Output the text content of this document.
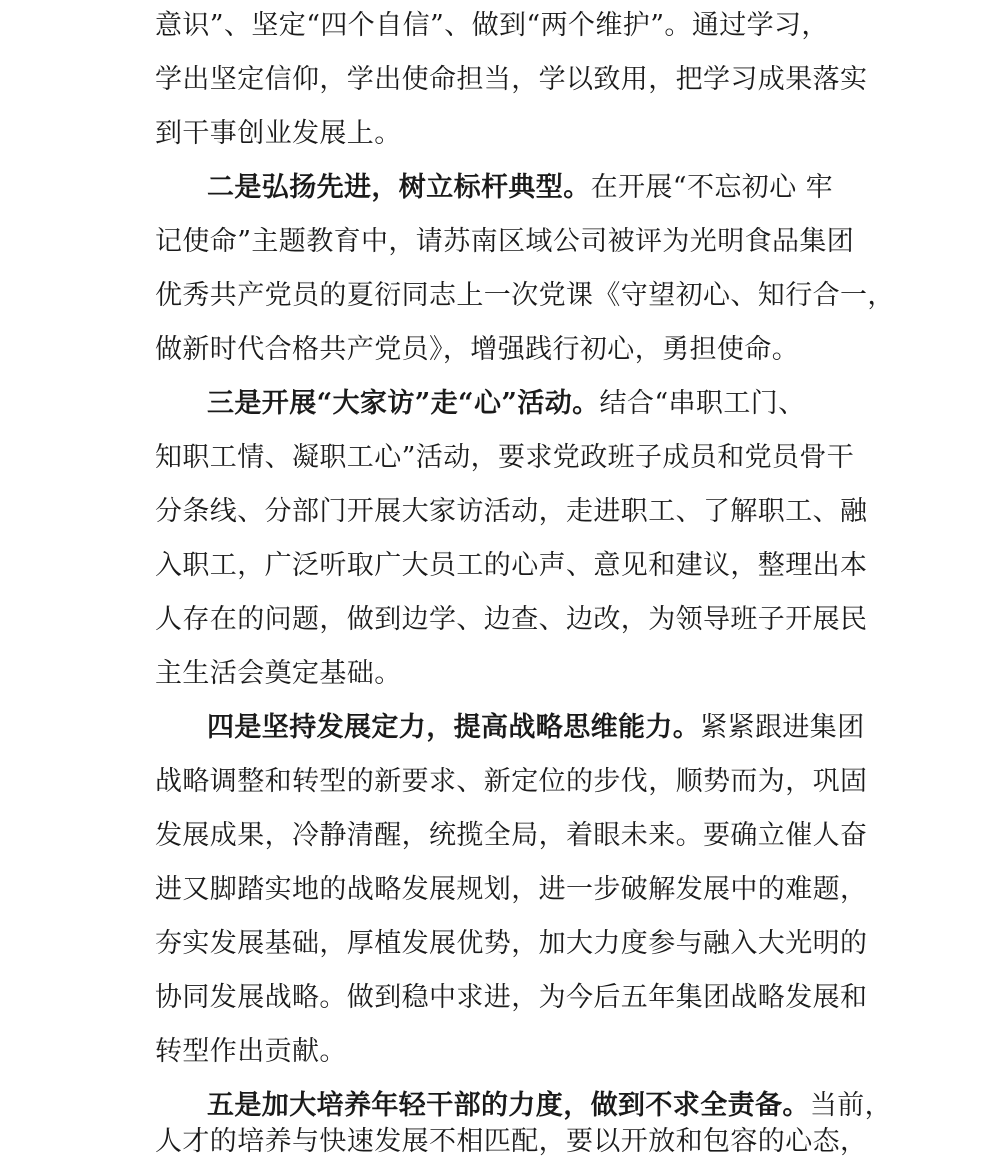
意识”、坚定“四个自信”、做到“两个维护”。通过学习，
学出坚定信仰，学出使命担当，学以致用，把学习成果落实
到干事创业发展上。
二是弘扬先进，树立标杆典型。在开展“不忘初心 牢
记使命”主题教育中，请苏南区域公司被评为光明食品集团
优秀共产党员的夏衍同志上一次党课《守望初心、知行合一，
做新时代合格共产党员》，增强践行初心，勇担使命。
三是开展“大家访”走“心”活动。结合“串职工门、
知职工情、凝职工心”活动，要求党政班子成员和党员骨干
分条线、分部门开展大家访活动，走进职工、了解职工、融
入职工，广泛听取广大员工的心声、意见和建议，整理出本
人存在的问题，做到边学、边查、边改，为领导班子开展民
主生活会奠定基础。
四是坚持发展定力，提高战略思维能力。紧紧跟进集团
战略调整和转型的新要求、新定位的步伐，顺势而为，巩固
发展成果，冷静清醒，统揽全局，着眼未来。要确立催人奋
进又脚踏实地的战略发展规划，进一步破解发展中的难题，
夯实发展基础，厚植发展优势，加大力度参与融入大光明的
协同发展战略。做到稳中求进，为今后五年集团战略发展和
转型作出贡献。
五是加大培养年轻干部的力度，做到不求全责备。当前，
人才的培养与快速发展不相匹配，要以开放和包容的心态，
